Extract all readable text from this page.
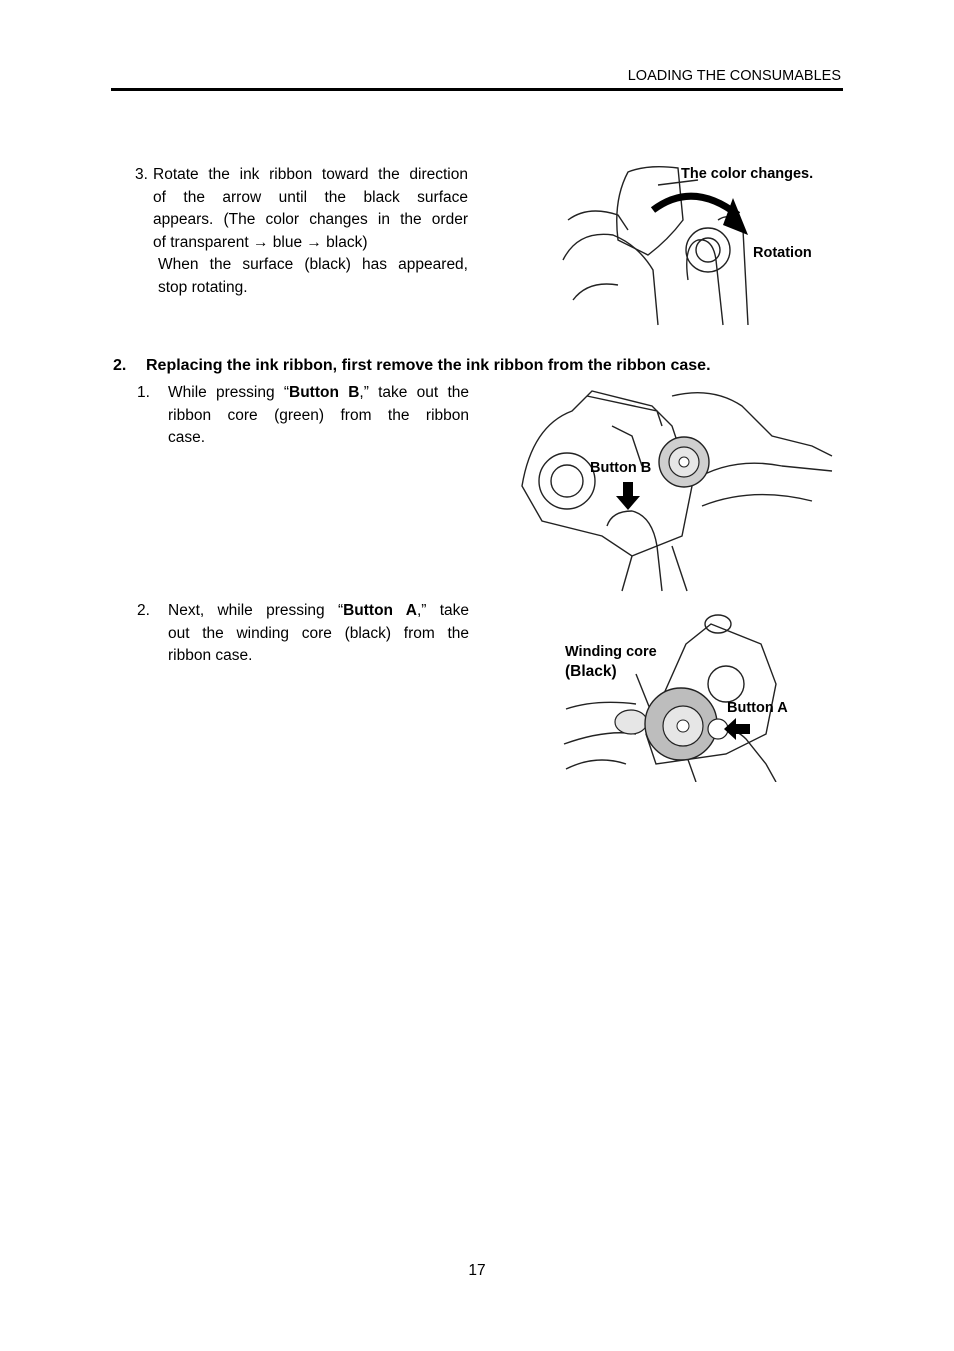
LOADING THE CONSUMABLES
3. Rotate the ink ribbon toward the direction
of the arrow until the black surface
appears. (The color changes in the order
of transparent → blue → black)
When the surface (black) has appeared,
stop rotating.
The color changes.
Rotation
2. Replacing the ink ribbon, first remove the ink ribbon from the ribbon case.
1. While pressing “Button B,” take out the
ribbon core (green) from the ribbon
case.
Button B
2. Next, while pressing “Button A,” take
out the winding core (black) from the
ribbon case.	Winding core
(Black)
Button A
17
